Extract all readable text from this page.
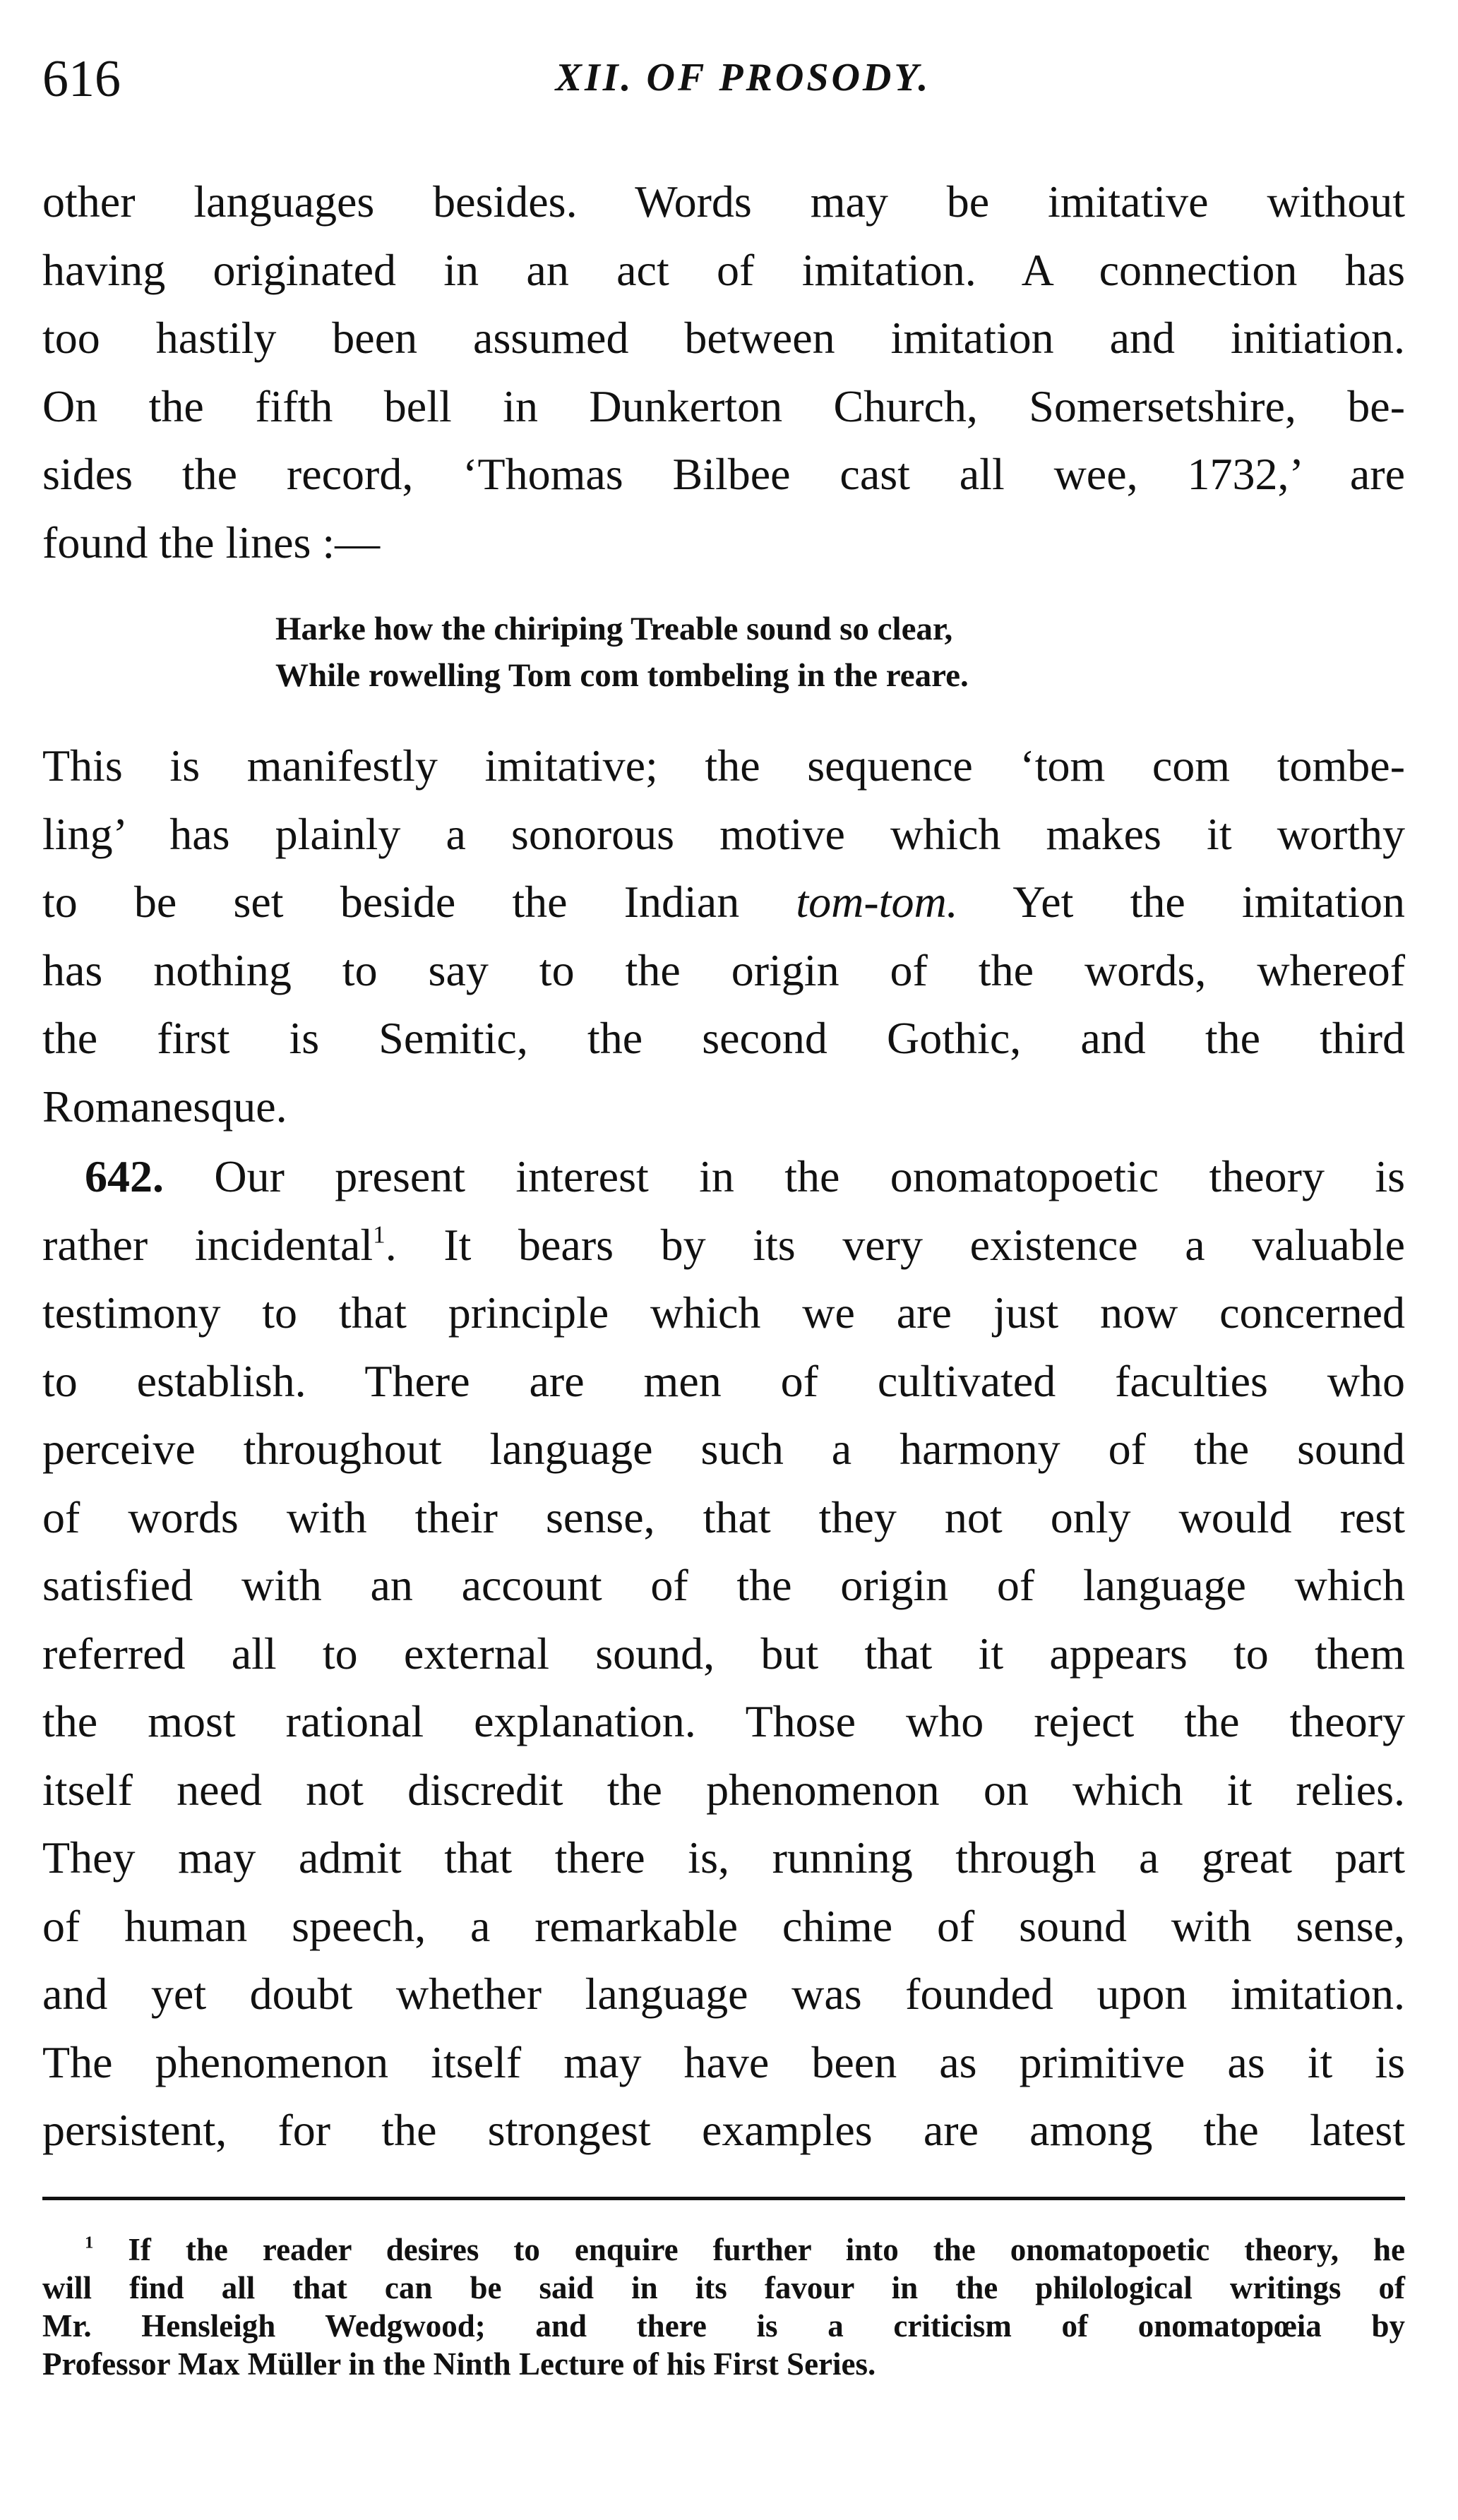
616	XII. OF PROSODY.
other languages besides. Words may be imitative without
having originated in an act of imitation. A connection has
too hastily been assumed between imitation and initiation.
On the fifth bell in Dunkerton Church, Somersetshire, be-
sides the record, ‘Thomas Bilbee cast all wee, 1732,’ are
found the lines :—
Harke how the chiriping Treable sound so clear,
While rowelling Tom com tombeling in the reare.
This is manifestly imitative; the sequence ‘tom com tombe-
ling’ has plainly a sonorous motive which makes it worthy
to be set beside the Indian tom-tom. Yet the imitation
has nothing to say to the origin of the words, whereof
the first is Semitic, the second Gothic, and the third
Romanesque.
642. Our present interest in the onomatopoetic theory is
rather incidental$^1$. It bears by its very existence a valuable
testimony to that principle which we are just now concerned
to establish. There are men of cultivated faculties who
perceive throughout language such a harmony of the sound
of words with their sense, that they not only would rest
satisfied with an account of the origin of language which
referred all to external sound, but that it appears to them
the most rational explanation. Those who reject the theory
itself need not discredit the phenomenon on which it relies.
They may admit that there is, running through a great part
of human speech, a remarkable chime of sound with sense,
and yet doubt whether language was founded upon imitation.
The phenomenon itself may have been as primitive as it is
persistent, for the strongest examples are among the latest
$^1$ If the reader desires to enquire further into the onomatopoetic theory, he
will find all that can be said in its favour in the philological writings of
Mr. Hensleigh Wedgwood; and there is a criticism of onomatopœia by
Professor Max Müller in the Ninth Lecture of his First Series.
